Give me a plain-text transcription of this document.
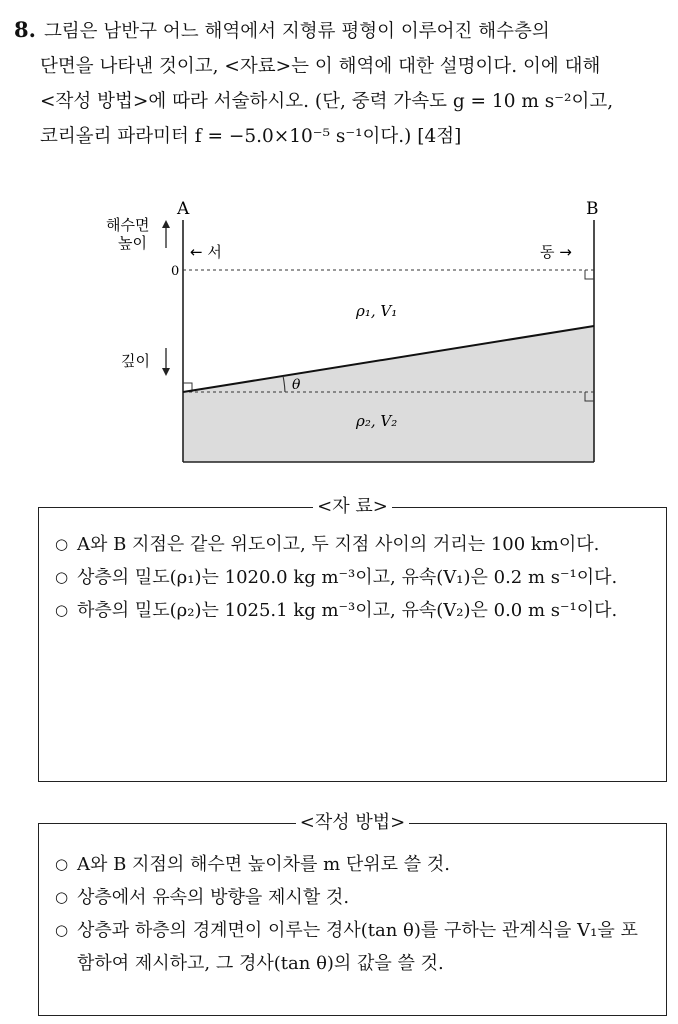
8. 그림은 남반구 어느 해역에서 지형류 평형이 이루어진 해수층의
단면을 나타낸 것이고, <자료>는 이 해역에 대한 설명이다. 이에 대해
<작성 방법>에 따라 서술하시오. (단, 중력 가속도 g = 10 m s⁻²이고,
코리올리 파라미터 f = −5.0×10⁻⁵ s⁻¹이다.) [4점]
A	B
해수면
높이
깊이
← 서	동 →
0
ρ₁, V₁
ρ₂, V₂
θ
<자 료>
○ A와 B 지점은 같은 위도이고, 두 지점 사이의 거리는 100 km이다.
○ 상층의 밀도(ρ₁)는 1020.0 kg m⁻³이고, 유속(V₁)은 0.2 m s⁻¹이다.
○ 하층의 밀도(ρ₂)는 1025.1 kg m⁻³이고, 유속(V₂)은 0.0 m s⁻¹이다.
<작성 방법>
○ A와 B 지점의 해수면 높이차를 m 단위로 쓸 것.
○ 상층에서 유속의 방향을 제시할 것.
○ 상층과 하층의 경계면이 이루는 경사(tan θ)를 구하는 관계식을 V₁을 포함하여 제시하고, 그 경사(tan θ)의 값을 쓸 것.
